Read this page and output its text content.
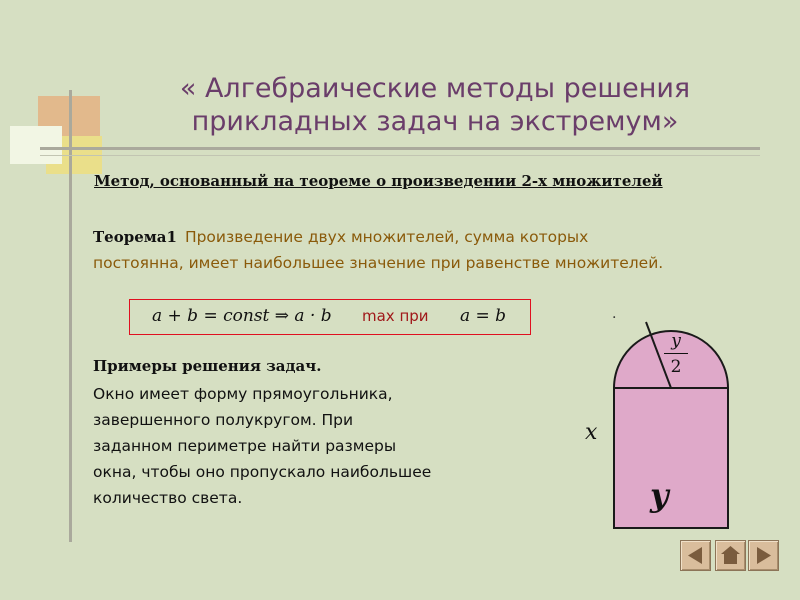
« Алгебраические методы решения
прикладных задач на экстремум»
Метод, основанный на теореме о произведении 2-х множителей
Теорема1 Произведение двух множителей, сумма которых постоянна, имеет наибольшее значение при равенстве множителей.
a + b = const ⇒ a · b max при a = b	.
Примеры решения задач.
Окно имеет форму прямоугольника,
завершенного полукругом. При
заданном периметре найти размеры
окна, чтобы оно пропускало наибольшее
количество света.
y
2
x
y
